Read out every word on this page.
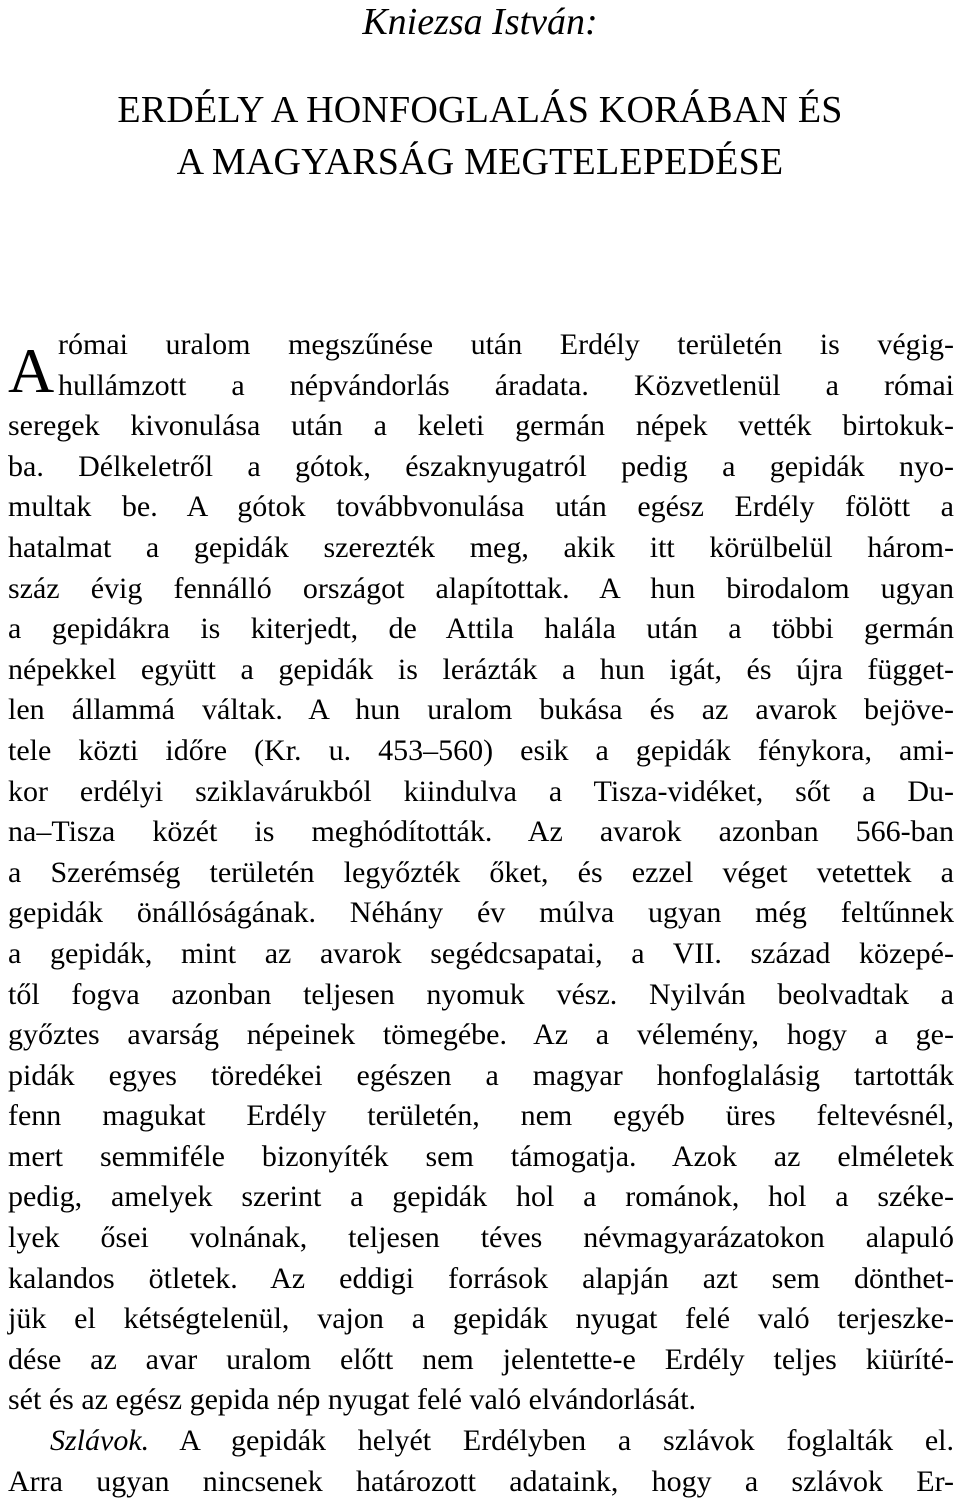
Kniezsa István:
ERDÉLY A HONFOGLALÁS KORÁBAN ÉS
A MAGYARSÁG MEGTELEPEDÉSE
A római uralom megszűnése után Erdély területén is végig-
hullámzott a népvándorlás áradata. Közvetlenül a római
seregek kivonulása után a keleti germán népek vették birtokuk-
ba. Délkeletről a gótok, északnyugatról pedig a gepidák nyo-
multak be. A gótok továbbvonulása után egész Erdély fölött a
hatalmat a gepidák szerezték meg, akik itt körülbelül három-
száz évig fennálló országot alapítottak. A hun birodalom ugyan
a gepidákra is kiterjedt, de Attila halála után a többi germán
népekkel együtt a gepidák is lerázták a hun igát, és újra függet-
len állammá váltak. A hun uralom bukása és az avarok bejöve-
tele közti időre (Kr. u. 453–560) esik a gepidák fénykora, ami-
kor erdélyi sziklavárukból kiindulva a Tisza-vidéket, sőt a Du-
na–Tisza közét is meghódították. Az avarok azonban 566-ban
a Szerémség területén legyőzték őket, és ezzel véget vetettek a
gepidák önállóságának. Néhány év múlva ugyan még feltűnnek
a gepidák, mint az avarok segédcsapatai, a VII. század közepé-
től fogva azonban teljesen nyomuk vész. Nyilván beolvadtak a
győztes avarság népeinek tömegébe. Az a vélemény, hogy a ge-
pidák egyes töredékei egészen a magyar honfoglalásig tartották
fenn magukat Erdély területén, nem egyéb üres feltevésnél,
mert semmiféle bizonyíték sem támogatja. Azok az elméletek
pedig, amelyek szerint a gepidák hol a románok, hol a széke-
lyek ősei volnának, teljesen téves névmagyarázatokon alapuló
kalandos ötletek. Az eddigi források alapján azt sem dönthet-
jük el kétségtelenül, vajon a gepidák nyugat felé való terjeszke-
dése az avar uralom előtt nem jelentette-e Erdély teljes kiüríté-
sét és az egész gepida nép nyugat felé való elvándorlását.
Szlávok. A gepidák helyét Erdélyben a szlávok foglalták el.
Arra ugyan nincsenek határozott adataink, hogy a szlávok Er-
